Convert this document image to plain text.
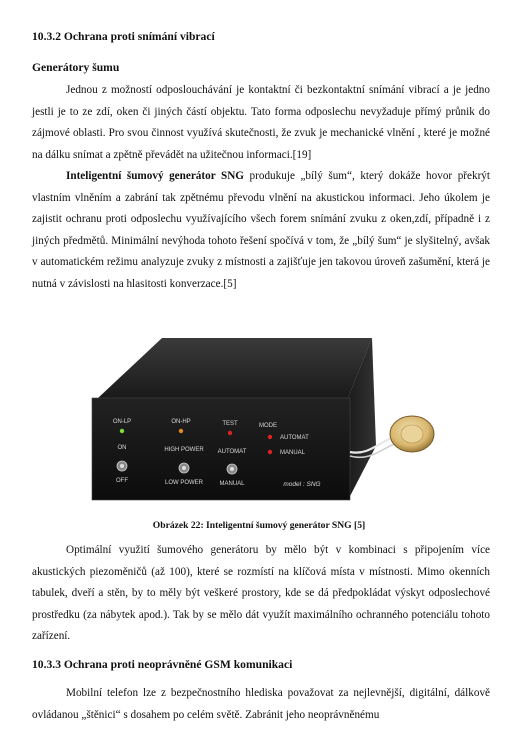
10.3.2 Ochrana proti snímání vibrací
Generátory šumu

Jednou z možností odposlouchávání je kontaktní či bezkontaktní snímání vibrací a je jedno jestli je to ze zdí, oken či jiných částí objektu. Tato forma odposlechu nevyžaduje přímý průnik do zájmové oblasti. Pro svou činnost využívá skutečnosti, že zvuk je mechanické vlnění , které je možné na dálku snímat a zpětně převádět na užitečnou informaci.[19]

Inteligentní šumový generátor SNG produkuje „bílý šum“, který dokáže hovor překrýt vlastním vlněním a zabrání tak zpětnému převodu vlnění na akustickou informaci. Jeho úkolem je zajistit ochranu proti odposlechu využívajícího všech forem snímání zvuku z oken,zdí, případně i z jiných předmětů. Minimální nevýhoda tohoto řešení spočívá v tom, že „bílý šum“ je slyšitelný, avšak v automatickém režimu analyzuje zvuky z místnosti a zajišťuje jen takovou úroveň zašumění, která je nutná v závislosti na hlasitosti konverzace.[5]

ON-LP	ON-HP	TEST	MODE
AUTOMAT
MANUAL
ON
OFF
HIGH POWER
LOW POWER
AUTOMAT
MANUAL	model : SNG
Obrázek 22: Inteligentní šumový generátor SNG [5]

Optimální využití šumového generátoru by mělo být v kombinaci s připojením více akustických piezoměničů (až 100), které se rozmístí na klíčová místa v místnosti. Mimo okenních tabulek, dveří a stěn, by to měly být veškeré prostory, kde se dá předpokládat výskyt odposlechové prostředku (za nábytek apod.). Tak by se mělo dát využít maximálního ochranného potenciálu tohoto zařízení.

10.3.3 Ochrana proti neoprávněné GSM komunikaci

Mobilní telefon lze z bezpečnostního hlediska považovat za nejlevnější, digitální, dálkově ovládanou „štěnici“ s dosahem po celém světě. Zabránit jeho neoprávněnému
